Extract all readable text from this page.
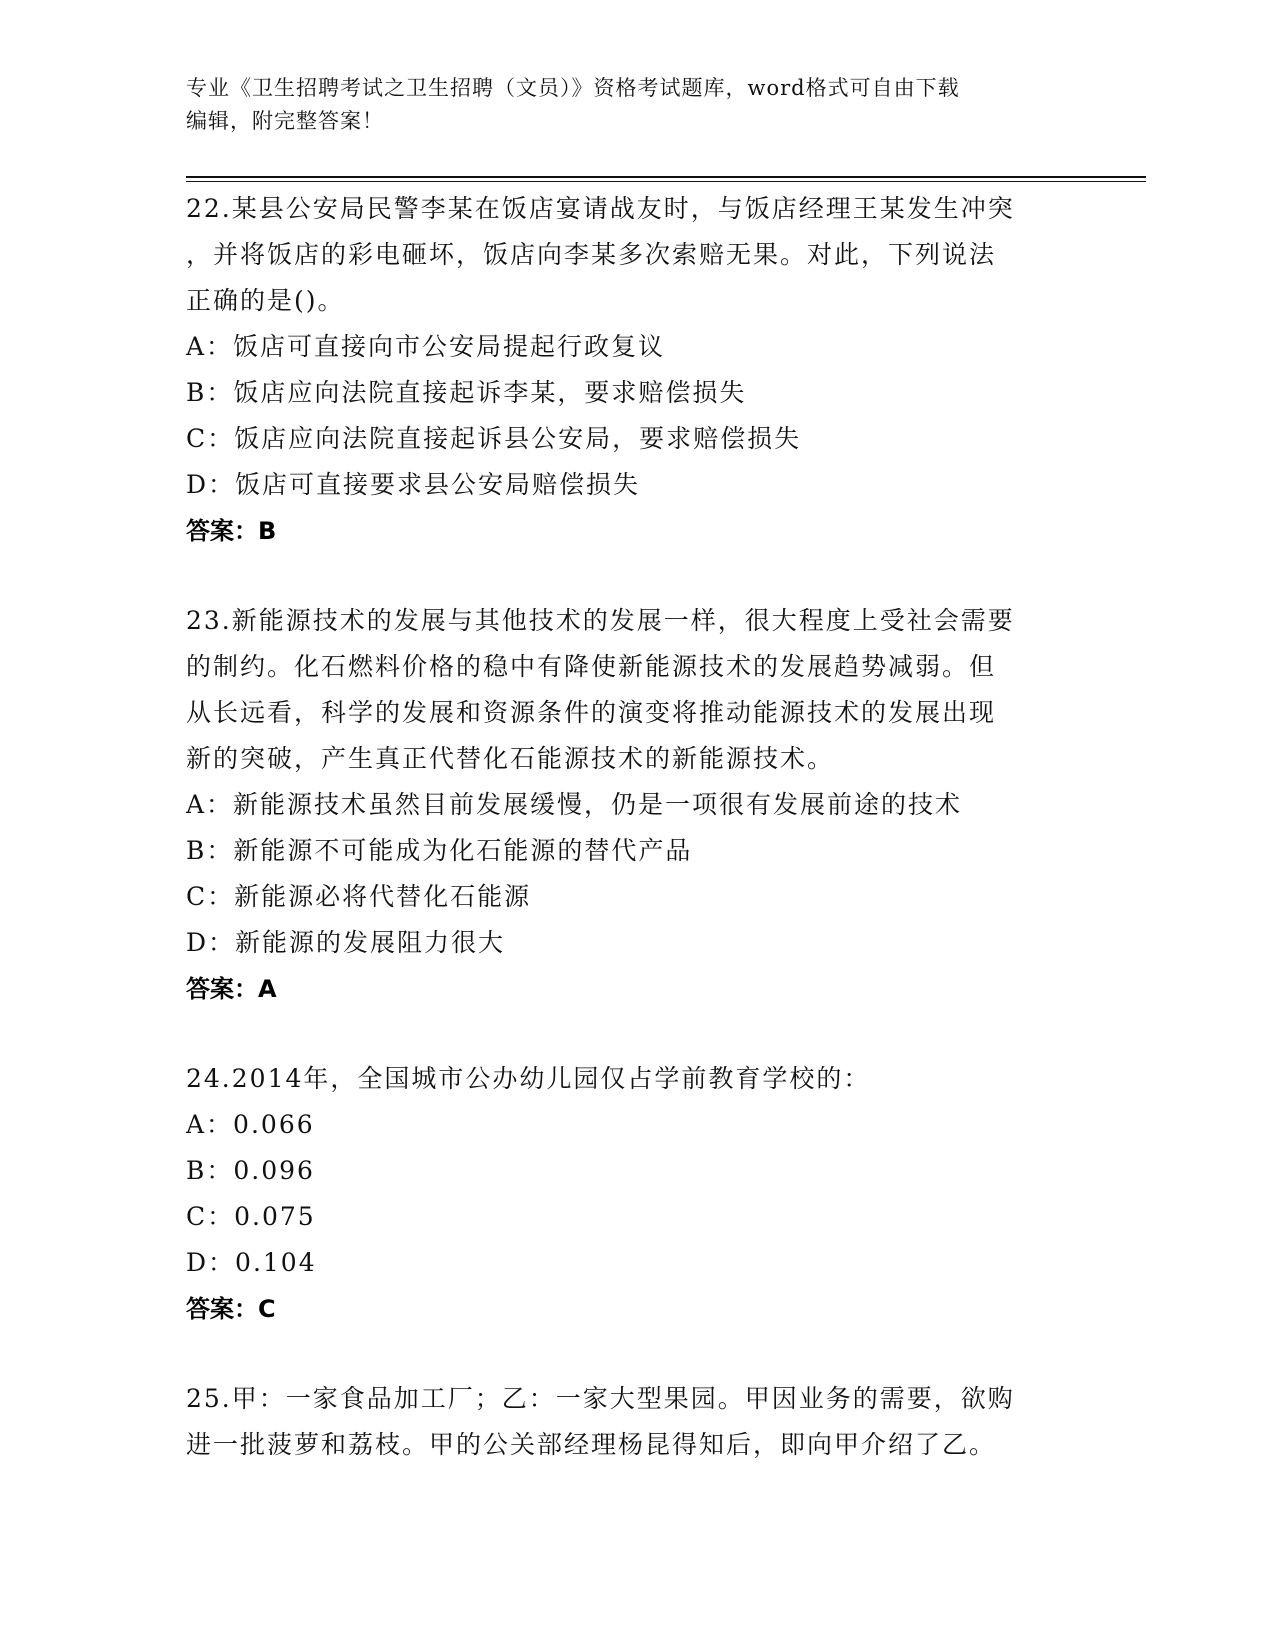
专业《卫生招聘考试之卫生招聘（文员）》资格考试题库，word格式可自由下载
编辑，附完整答案！
22.某县公安局民警李某在饭店宴请战友时，与饭店经理王某发生冲突
，并将饭店的彩电砸坏，饭店向李某多次索赔无果。对此，下列说法
正确的是()。
A：饭店可直接向市公安局提起行政复议
B：饭店应向法院直接起诉李某，要求赔偿损失
C：饭店应向法院直接起诉县公安局，要求赔偿损失
D：饭店可直接要求县公安局赔偿损失
答案：B
23.新能源技术的发展与其他技术的发展一样，很大程度上受社会需要
的制约。化石燃料价格的稳中有降使新能源技术的发展趋势减弱。但
从长远看，科学的发展和资源条件的演变将推动能源技术的发展出现
新的突破，产生真正代替化石能源技术的新能源技术。
A：新能源技术虽然目前发展缓慢，仍是一项很有发展前途的技术
B：新能源不可能成为化石能源的替代产品
C：新能源必将代替化石能源
D：新能源的发展阻力很大
答案：A
24.2014年，全国城市公办幼儿园仅占学前教育学校的：
A：0.066
B：0.096
C：0.075
D：0.104
答案：C
25.甲：一家食品加工厂；乙：一家大型果园。甲因业务的需要，欲购
进一批菠萝和荔枝。甲的公关部经理杨昆得知后，即向甲介绍了乙。
